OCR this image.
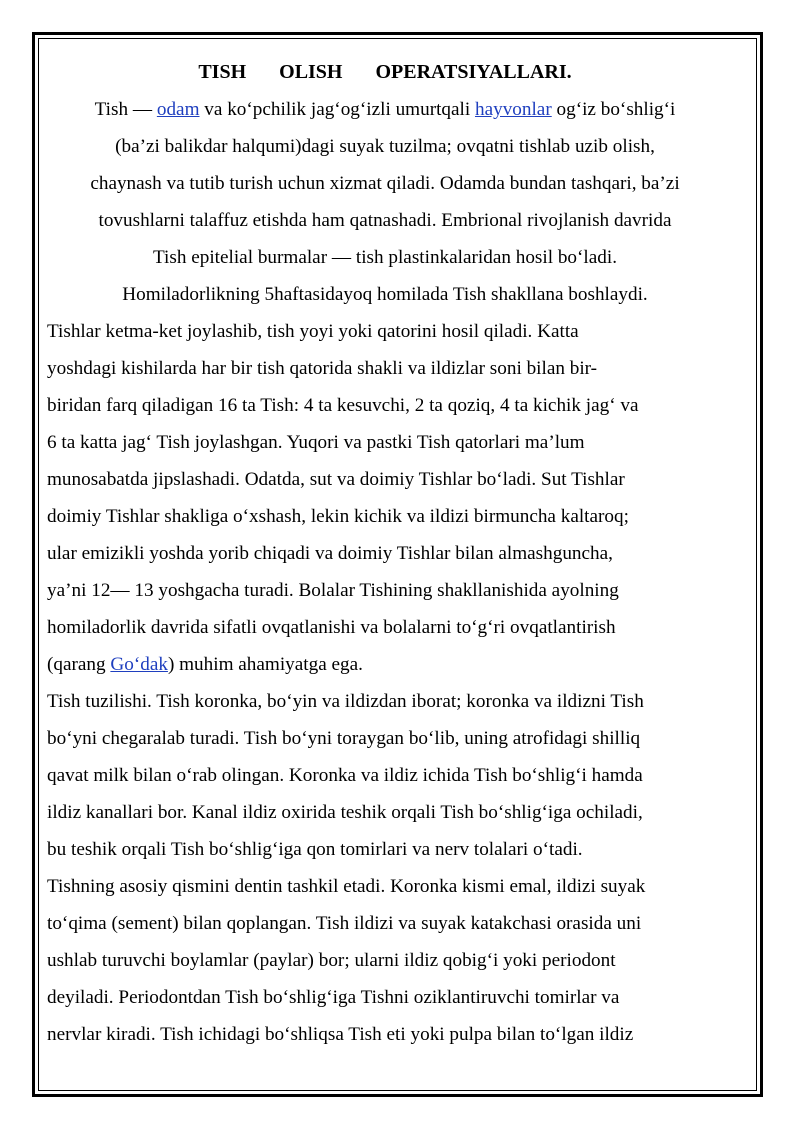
TISH OLISH OPERATSIYALLARI.

Tish — odam va ko‘pchilik jag‘og‘izli umurtqali hayvonlar og‘iz bo‘shlig‘i

(ba’zi balikdar halqumi)dagi suyak tuzilma; ovqatni tishlab uzib olish,

chaynash va tutib turish uchun xizmat qiladi. Odamda bundan tashqari, ba’zi

tovushlarni talaffuz etishda ham qatnashadi. Embrional rivojlanish davrida

Tish epitelial burmalar — tish plastinkalaridan hosil bo‘ladi.

Homiladorlikning 5haftasidayoq homilada Tish shakllana boshlaydi.

Tishlar ketma-ket joylashib, tish yoyi yoki qatorini hosil qiladi. Katta

yoshdagi kishilarda har bir tish qatorida shakli va ildizlar soni bilan bir-

biridan farq qiladigan 16 ta Tish: 4 ta kesuvchi, 2 ta qoziq, 4 ta kichik jag‘ va

6 ta katta jag‘ Tish joylashgan. Yuqori va pastki Tish qatorlari ma’lum

munosabatda jipslashadi. Odatda, sut va doimiy Tishlar bo‘ladi. Sut Tishlar

doimiy Tishlar shakliga o‘xshash, lekin kichik va ildizi birmuncha kaltaroq;

ular emizikli yoshda yorib chiqadi va doimiy Tishlar bilan almashguncha,

ya’ni 12— 13 yoshgacha turadi. Bolalar Tishining shakllanishida ayolning

homiladorlik davrida sifatli ovqatlanishi va bolalarni to‘g‘ri ovqatlantirish

(qarang Go‘dak) muhim ahamiyatga ega.

Tish tuzilishi. Tish koronka, bo‘yin va ildizdan iborat; koronka va ildizni Tish

bo‘yni chegaralab turadi. Tish bo‘yni toraygan bo‘lib, uning atrofidagi shilliq

qavat milk bilan o‘rab olingan. Koronka va ildiz ichida Tish bo‘shlig‘i hamda

ildiz kanallari bor. Kanal ildiz oxirida teshik orqali Tish bo‘shlig‘iga ochiladi,

bu teshik orqali Tish bo‘shlig‘iga qon tomirlari va nerv tolalari o‘tadi.

Tishning asosiy qismini dentin tashkil etadi. Koronka kismi emal, ildizi suyak

to‘qima (sement) bilan qoplangan. Tish ildizi va suyak katakchasi orasida uni

ushlab turuvchi boylamlar (paylar) bor; ularni ildiz qobig‘i yoki periodont

deyiladi. Periodontdan Tish bo‘shlig‘iga Tishni oziklantiruvchi tomirlar va

nervlar kiradi. Tish ichidagi bo‘shliqsa Tish eti yoki pulpa bilan to‘lgan ildiz
